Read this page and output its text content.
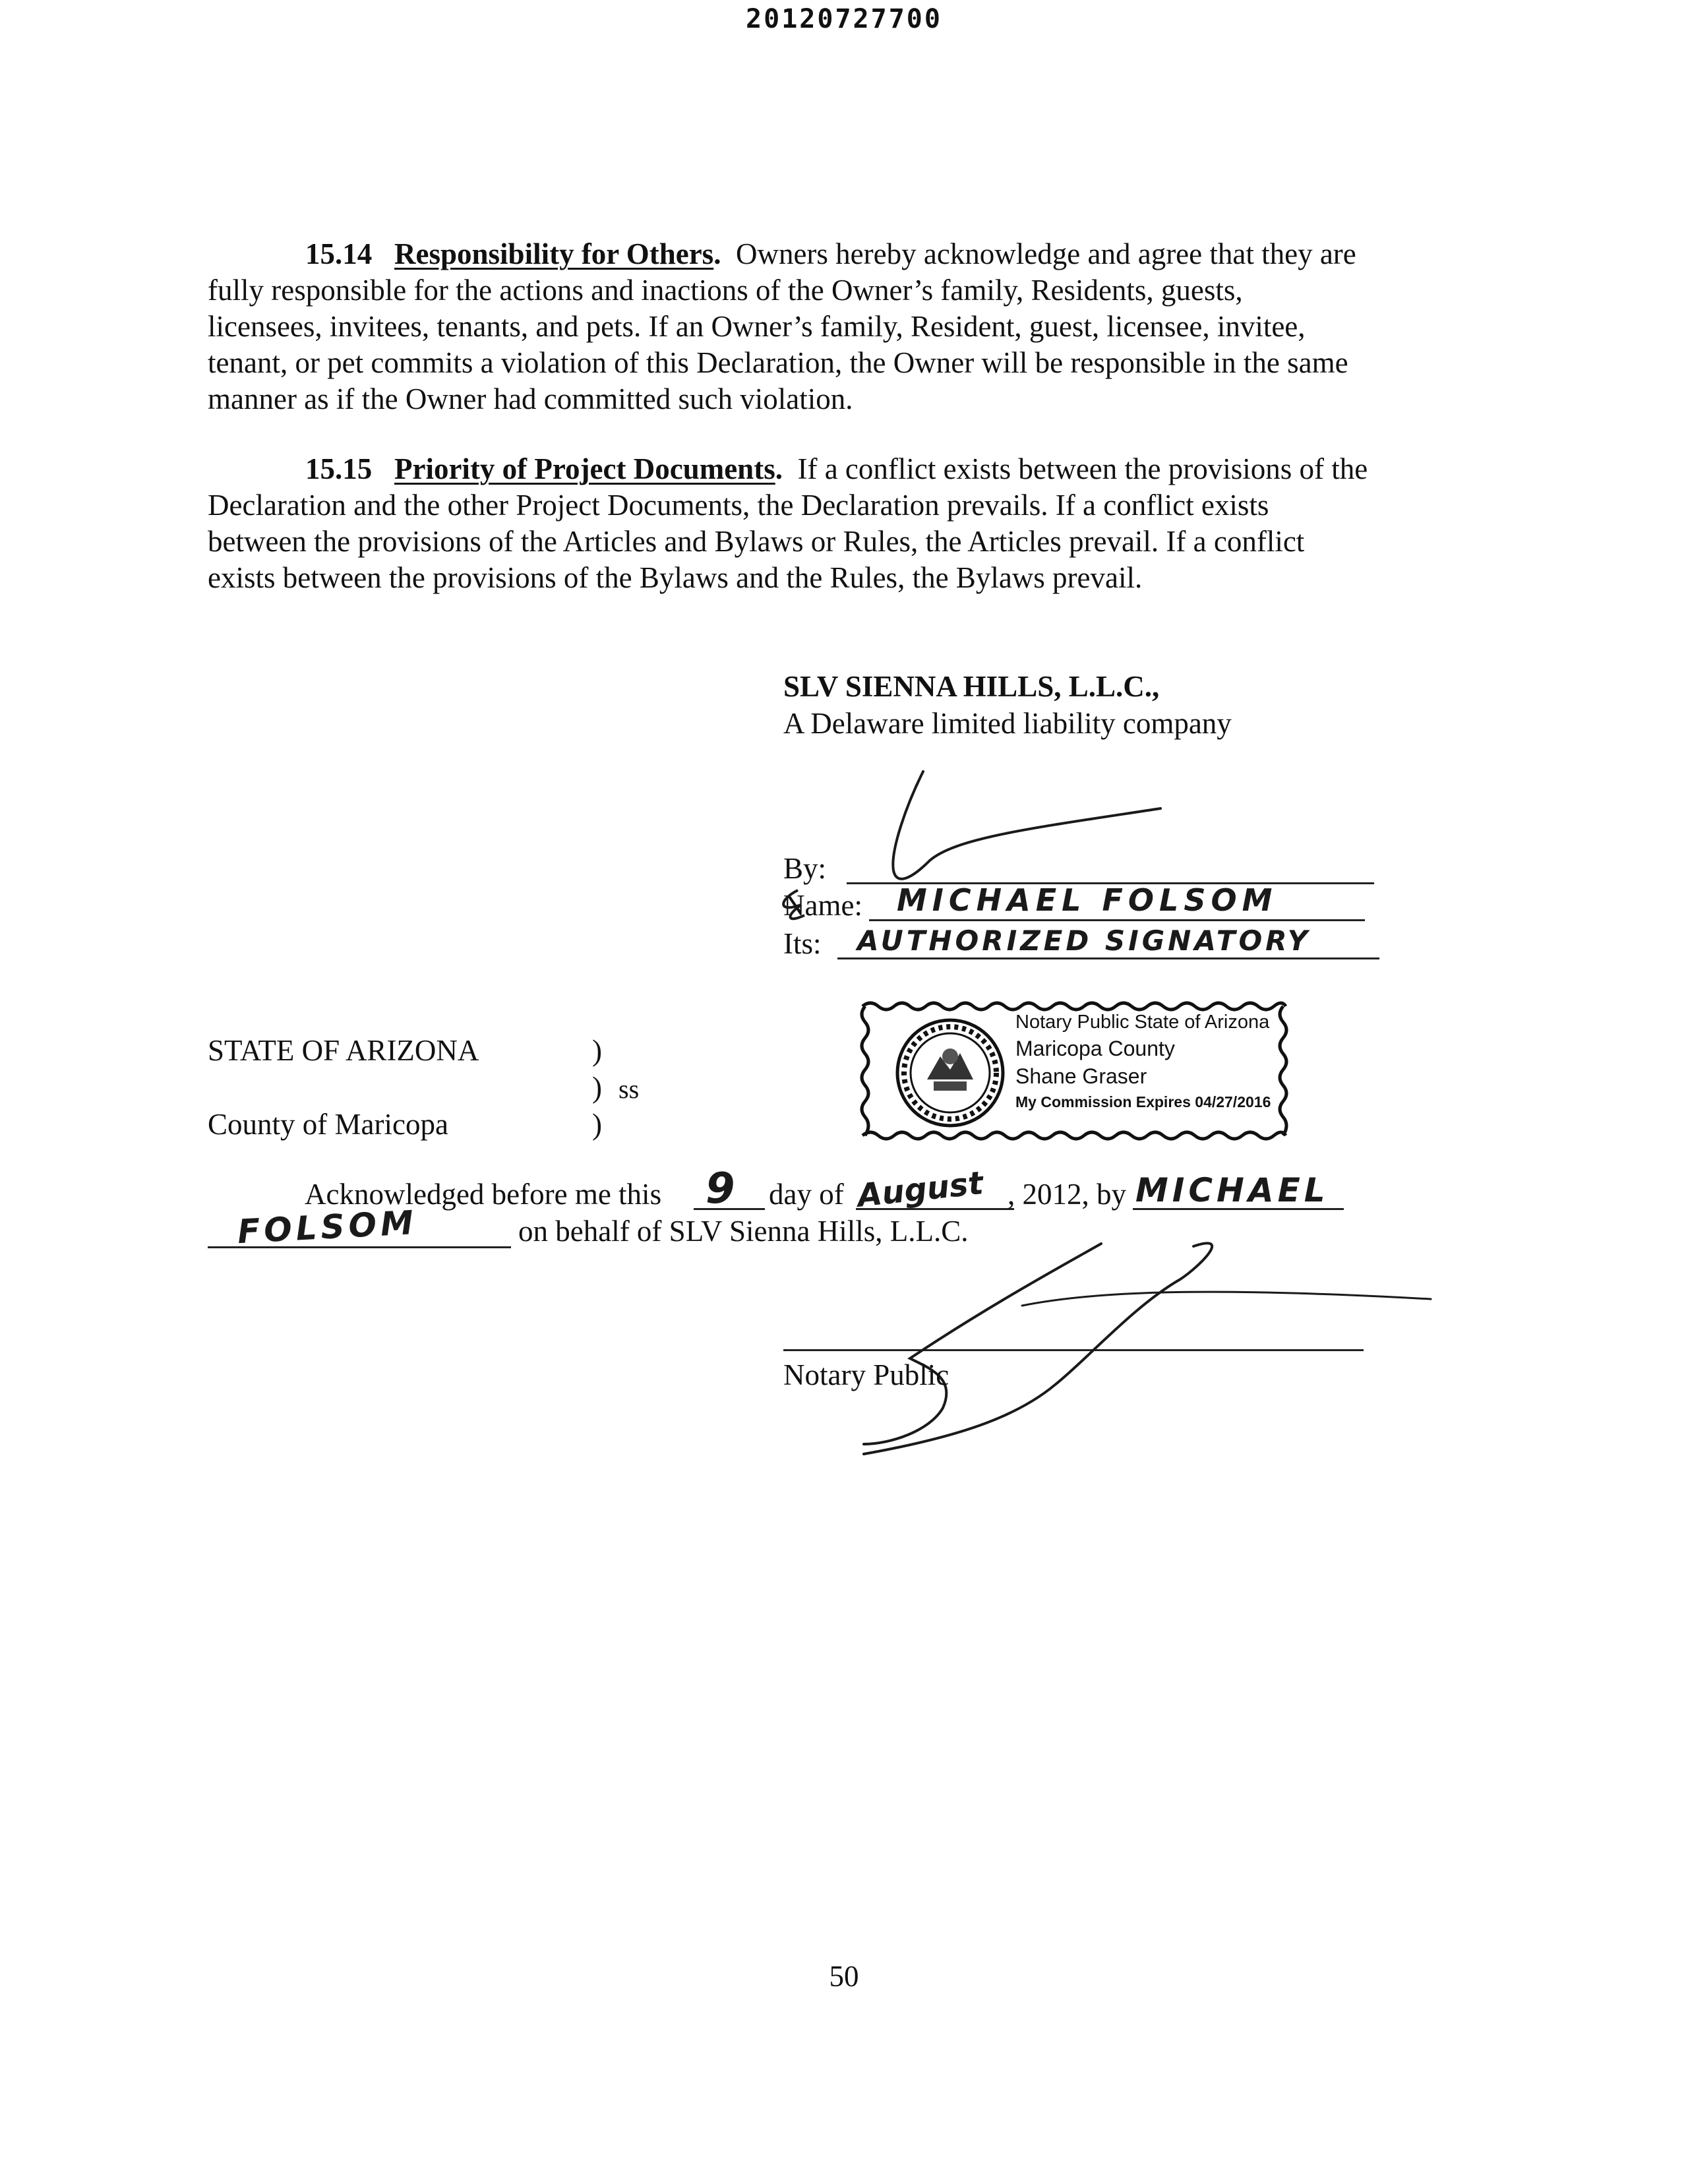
20120727700
15.14 Responsibility for Others. Owners hereby acknowledge and agree that they are
fully responsible for the actions and inactions of the Owner’s family, Residents, guests,
licensees, invitees, tenants, and pets. If an Owner’s family, Resident, guest, licensee, invitee,
tenant, or pet commits a violation of this Declaration, the Owner will be responsible in the same
manner as if the Owner had committed such violation.
15.15 Priority of Project Documents. If a conflict exists between the provisions of the
Declaration and the other Project Documents, the Declaration prevails. If a conflict exists
between the provisions of the Articles and Bylaws or Rules, the Articles prevail. If a conflict
exists between the provisions of the Bylaws and the Rules, the Bylaws prevail.
SLV SIENNA HILLS, L.L.C.,
A Delaware limited liability company
By:
Name: MICHAEL FOLSOM
Its: AUTHORIZED SIGNATORY
Notary Public State of Arizona
Maricopa County
Shane Graser
My Commission Expires 04/27/2016
STATE OF ARIZONA	)
) ss
County of Maricopa	)
Acknowledged before me this 9 day of August , 2012, by MICHAEL
FOLSOM	on behalf of SLV Sienna Hills, L.L.C.
Notary Public
50
